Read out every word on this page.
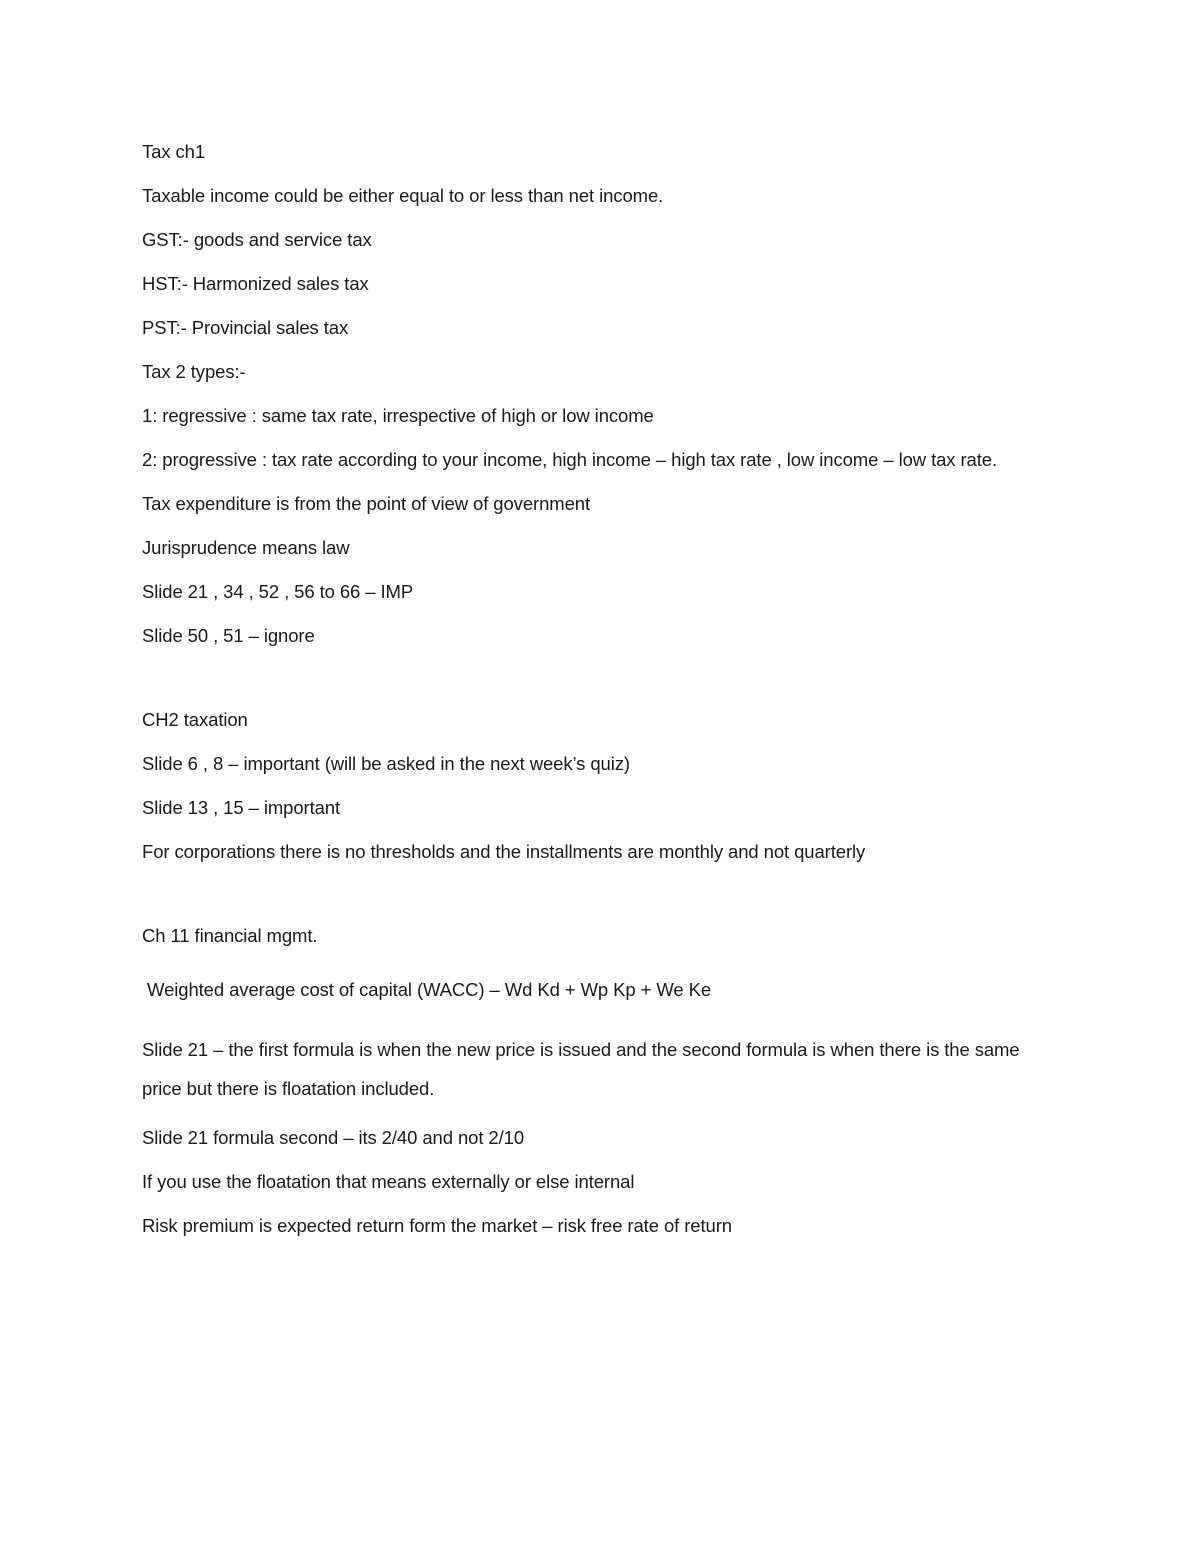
Tax ch1

Taxable income could be either equal to or less than net income.

GST:- goods and service tax

HST:- Harmonized sales tax

PST:- Provincial sales tax

Tax 2 types:-

1: regressive : same tax rate, irrespective of high or low income

2: progressive : tax rate according to your income, high income – high tax rate , low income – low tax rate.

Tax expenditure is from the point of view of government

Jurisprudence means law

Slide 21 , 34 , 52 , 56 to 66 – IMP

Slide 50 , 51 – ignore

CH2 taxation

Slide 6 , 8 – important (will be asked in the next week’s quiz)

Slide 13 , 15 – important

For corporations there is no thresholds and the installments are monthly and not quarterly

Ch 11 financial mgmt.

Weighted average cost of capital (WACC) – Wd Kd + Wp Kp + We Ke

Slide 21 – the first formula is when the new price is issued and the second formula is when there is the same price but there is floatation included.

Slide 21 formula second – its 2/40 and not 2/10

If you use the floatation that means externally or else internal

Risk premium is expected return form the market – risk free rate of return
